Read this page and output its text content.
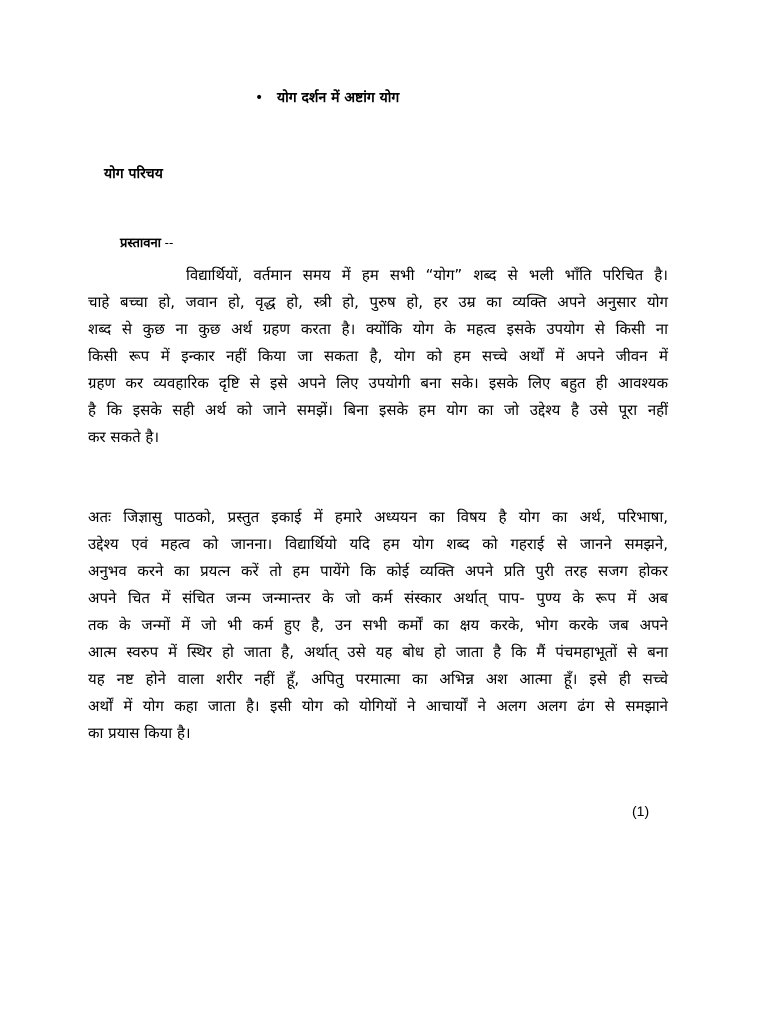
• योग दर्शन में अष्टांग योग
योग परिचय
प्रस्तावना --
विद्यार्थियों, वर्तमान समय में हम सभी “योग” शब्द से भली भाँति परिचित है।
चाहे बच्चा हो, जवान हो, वृद्ध हो, स्त्री हो, पुरुष हो, हर उम्र का व्यक्ति अपने अनुसार योग
शब्द से कुछ ना कुछ अर्थ ग्रहण करता है। क्योंकि योग के महत्व इसके उपयोग से किसी ना
किसी रूप में इन्कार नहीं किया जा सकता है, योग को हम सच्चे अर्थों में अपने जीवन में
ग्रहण कर व्यवहारिक दृष्टि से इसे अपने लिए उपयोगी बना सके। इसके लिए बहुत ही आवश्यक
है कि इसके सही अर्थ को जाने समझें। बिना इसके हम योग का जो उद्देश्य है उसे पूरा नहीं
कर सकते है।
अतः जिज्ञासु पाठको, प्रस्तुत इकाई में हमारे अध्ययन का विषय है योग का अर्थ, परिभाषा,
उद्देश्य एवं महत्व को जानना। विद्यार्थियो यदि हम योग शब्द को गहराई से जानने समझने,
अनुभव करने का प्रयत्न करें तो हम पायेंगे कि कोई व्यक्ति अपने प्रति पुरी तरह सजग होकर
अपने चित में संचित जन्म जन्मान्तर के जो कर्म संस्कार अर्थात् पाप- पुण्य के रूप में अब
तक के जन्मों में जो भी कर्म हुए है, उन सभी कर्मों का क्षय करके, भोग करके जब अपने
आत्म स्वरुप में स्थिर हो जाता है, अर्थात् उसे यह बोध हो जाता है कि मैं पंचमहाभूतों से बना
यह नष्ट होने वाला शरीर नहीं हूँ, अपितु परमात्मा का अभिन्न अश आत्मा हूँ। इसे ही सच्चे
अर्थों में योग कहा जाता है। इसी योग को योगियों ने आचार्यों ने अलग अलग ढंग से समझाने
का प्रयास किया है।
(1)
